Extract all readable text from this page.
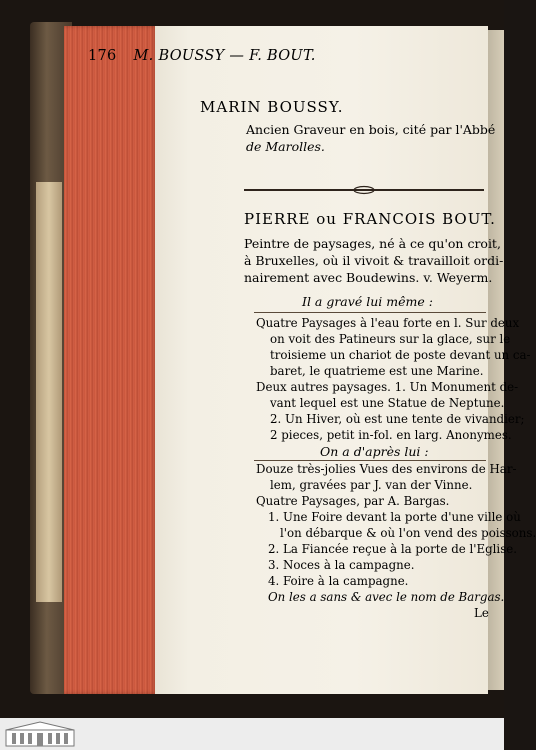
176 M. BOUSSY — F. BOUT.
MARIN BOUSSY.
Ancien Graveur en bois, cité par l'Abbé
de Marolles.
PIERRE ou FRANCOIS BOUT.
Peintre de paysages, né à ce qu'on croit,
à Bruxelles, où il vivoit & travailloit ordi-
nairement avec Boudewins. v. Weyerm.
Il a gravé lui même :
Quatre Paysages à l'eau forte en l. Sur deux
on voit des Patineurs sur la glace, sur le
troisieme un chariot de poste devant un ca-
baret, le quatrieme est une Marine.
Deux autres paysages. 1. Un Monument de-
vant lequel est une Statue de Neptune.
2. Un Hiver, où est une tente de vivandier;
2 pieces, petit in-fol. en larg. Anonymes.
On a d'après lui :
Douze très-jolies Vues des environs de Har-
lem, gravées par J. van der Vinne.
Quatre Paysages, par A. Bargas.
1. Une Foire devant la porte d'une ville où
l'on débarque & où l'on vend des poissons.
2. La Fiancée reçue à la porte de l'Eglise.
3. Noces à la campagne.
4. Foire à la campagne.
On les a sans & avec le nom de Bargas.
Le
